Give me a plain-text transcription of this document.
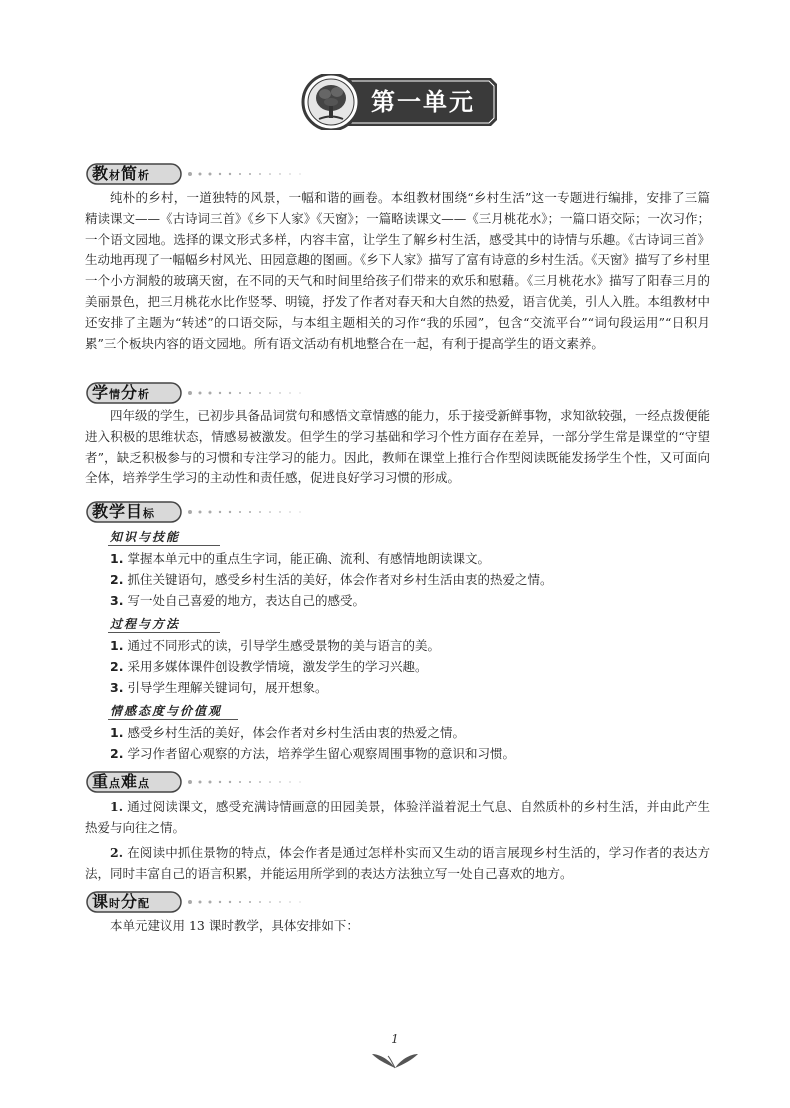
第一单元
教材简析

纯朴的乡村，一道独特的风景，一幅和谐的画卷。本组教材围绕“乡村生活”这一专题进行编排，安排了三篇精读课文——《古诗词三首》《乡下人家》《天窗》；一篇略读课文——《三月桃花水》；一篇口语交际；一次习作；一个语文园地。选择的课文形式多样，内容丰富，让学生了解乡村生活，感受其中的诗情与乐趣。《古诗词三首》生动地再现了一幅幅乡村风光、田园意趣的图画。《乡下人家》描写了富有诗意的乡村生活。《天窗》描写了乡村里一个小方洞般的玻璃天窗，在不同的天气和时间里给孩子们带来的欢乐和慰藉。《三月桃花水》描写了阳春三月的美丽景色，把三月桃花水比作竖琴、明镜，抒发了作者对春天和大自然的热爱，语言优美，引人入胜。本组教材中还安排了主题为“转述”的口语交际，与本组主题相关的习作“我的乐园”，包含“交流平台”“词句段运用”“日积月累”三个板块内容的语文园地。所有语文活动有机地整合在一起，有利于提高学生的语文素养。

学情分析

四年级的学生，已初步具备品词赏句和感悟文章情感的能力，乐于接受新鲜事物，求知欲较强，一经点拨便能进入积极的思维状态，情感易被激发。但学生的学习基础和学习个性方面存在差异，一部分学生常是课堂的“守望者”，缺乏积极参与的习惯和专注学习的能力。因此，教师在课堂上推行合作型阅读既能发扬学生个性，又可面向全体，培养学生学习的主动性和责任感，促进良好学习习惯的形成。

教学目标
知识与技能

1. 掌握本单元中的重点生字词，能正确、流利、有感情地朗读课文。

2. 抓住关键语句，感受乡村生活的美好，体会作者对乡村生活由衷的热爱之情。

3. 写一处自己喜爱的地方，表达自己的感受。

过程与方法

1. 通过不同形式的读，引导学生感受景物的美与语言的美。

2. 采用多媒体课件创设教学情境，激发学生的学习兴趣。

3. 引导学生理解关键词句，展开想象。

情感态度与价值观

1. 感受乡村生活的美好，体会作者对乡村生活由衷的热爱之情。

2. 学习作者留心观察的方法，培养学生留心观察周围事物的意识和习惯。

重点难点

1. 通过阅读课文，感受充满诗情画意的田园美景，体验洋溢着泥土气息、自然质朴的乡村生活，并由此产生热爱与向往之情。

2. 在阅读中抓住景物的特点，体会作者是通过怎样朴实而又生动的语言展现乡村生活的，学习作者的表达方法，同时丰富自己的语言积累，并能运用所学到的表达方法独立写一处自己喜欢的地方。

课时分配

本单元建议用 13 课时教学，具体安排如下：

1
